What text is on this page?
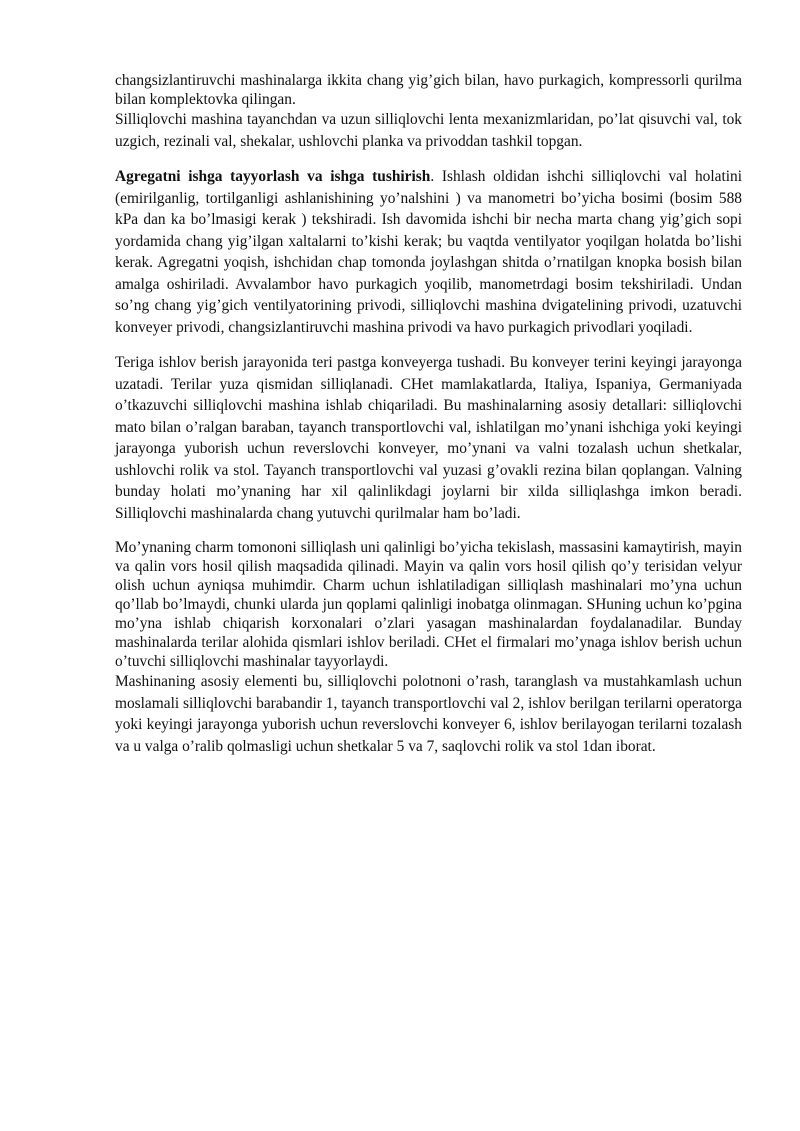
changsizlantiruvchi mashinalarga ikkita chang yig’gich bilan, havo purkagich, kompressorli qurilma bilan komplektovka qilingan.

Silliqlovchi mashina tayanchdan va uzun silliqlovchi lenta mexanizmlaridan, po’lat qisuvchi val, tok uzgich, rezinali val, shekalar, ushlovchi planka va privoddan tashkil topgan.

Agregatni ishga tayyorlash va ishga tushirish. Ishlash oldidan ishchi silliqlovchi val holatini (emirilganlig, tortilganligi ashlanishining yo’nalshini ) va manometri bo’yicha bosimi (bosim 588 kPa dan ka bo’lmasigi kerak ) tekshiradi. Ish davomida ishchi bir necha marta chang yig’gich sopi yordamida chang yig’ilgan xaltalarni to’kishi kerak; bu vaqtda ventilyator yoqilgan holatda bo’lishi kerak. Agregatni yoqish, ishchidan chap tomonda joylashgan shitda o’rnatilgan knopka bosish bilan amalga oshiriladi. Avvalambor havo purkagich yoqilib, manometrdagi bosim tekshiriladi. Undan so’ng chang yig’gich ventilyatorining privodi, silliqlovchi mashina dvigatelining privodi, uzatuvchi konveyer privodi, changsizlantiruvchi mashina privodi va havo purkagich privodlari yoqiladi.

Teriga ishlov berish jarayonida teri pastga konveyerga tushadi. Bu konveyer terini keyingi jarayonga uzatadi. Terilar yuza qismidan silliqlanadi. CHet mamlakatlarda, Italiya, Ispaniya, Germaniyada o’tkazuvchi silliqlovchi mashina ishlab chiqariladi. Bu mashinalarning asosiy detallari: silliqlovchi mato bilan o’ralgan baraban, tayanch transportlovchi val, ishlatilgan mo’ynani ishchiga yoki keyingi jarayonga yuborish uchun reverslovchi konveyer, mo’ynani va valni tozalash uchun shetkalar, ushlovchi rolik va stol. Tayanch transportlovchi val yuzasi g’ovakli rezina bilan qoplangan. Valning bunday holati mo’ynaning har xil qalinlikdagi joylarni bir xilda silliqlashga imkon beradi. Silliqlovchi mashinalarda chang yutuvchi qurilmalar ham bo’ladi.

Mo’ynaning charm tomononi silliqlash uni qalinligi bo’yicha tekislash, massasini kamaytirish, mayin va qalin vors hosil qilish maqsadida qilinadi. Mayin va qalin vors hosil qilish qo’y terisidan velyur olish uchun ayniqsa muhimdir. Charm uchun ishlatiladigan silliqlash mashinalari mo’yna uchun qo’llab bo’lmaydi, chunki ularda jun qoplami qalinligi inobatga olinmagan. SHuning uchun ko’pgina mo’yna ishlab chiqarish korxonalari o’zlari yasagan mashinalardan foydalanadilar. Bunday mashinalarda terilar alohida qismlari ishlov beriladi. CHet el firmalari mo’ynaga ishlov berish uchun o’tuvchi silliqlovchi mashinalar tayyorlaydi.

Mashinaning asosiy elementi bu, silliqlovchi polotnoni o’rash, taranglash va mustahkamlash uchun moslamali silliqlovchi barabandir 1, tayanch transportlovchi val 2, ishlov berilgan terilarni operatorga yoki keyingi jarayonga yuborish uchun reverslovchi konveyer 6, ishlov berilayogan terilarni tozalash va u valga o’ralib qolmasligi uchun shetkalar 5 va 7, saqlovchi rolik va stol 1dan iborat.
